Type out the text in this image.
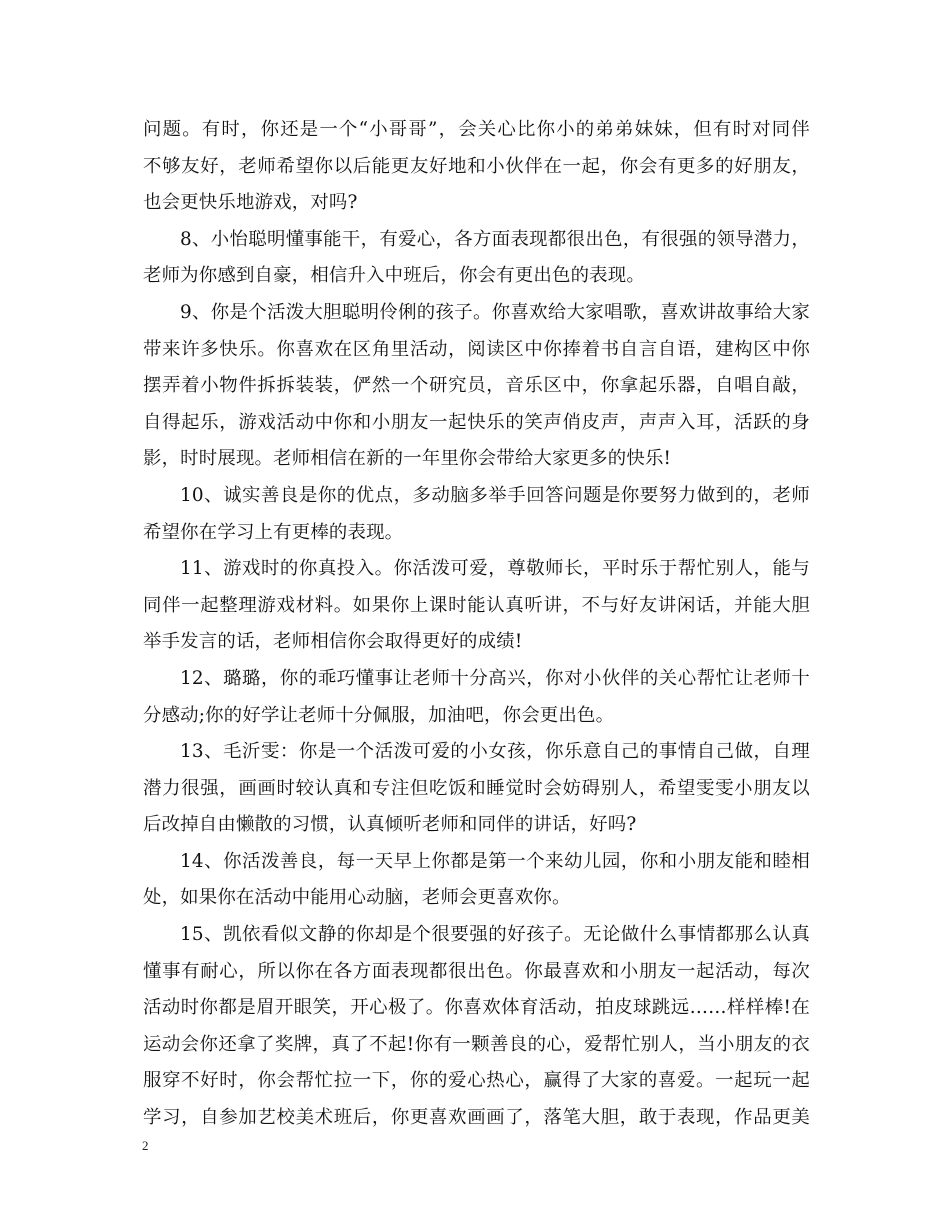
问题。有时，你还是一个“小哥哥”，会关心比你小的弟弟妹妹，但有时对同伴
不够友好，老师希望你以后能更友好地和小伙伴在一起，你会有更多的好朋友，
也会更快乐地游戏，对吗?
8、小怡聪明懂事能干，有爱心，各方面表现都很出色，有很强的领导潜力，
老师为你感到自豪，相信升入中班后，你会有更出色的表现。
9、你是个活泼大胆聪明伶俐的孩子。你喜欢给大家唱歌，喜欢讲故事给大家
带来许多快乐。你喜欢在区角里活动，阅读区中你捧着书自言自语，建构区中你
摆弄着小物件拆拆装装，俨然一个研究员，音乐区中，你拿起乐器，自唱自敲，
自得起乐，游戏活动中你和小朋友一起快乐的笑声俏皮声，声声入耳，活跃的身
影，时时展现。老师相信在新的一年里你会带给大家更多的快乐!
10、诚实善良是你的优点，多动脑多举手回答问题是你要努力做到的，老师
希望你在学习上有更棒的表现。
11、游戏时的你真投入。你活泼可爱，尊敬师长，平时乐于帮忙别人，能与
同伴一起整理游戏材料。如果你上课时能认真听讲，不与好友讲闲话，并能大胆
举手发言的话，老师相信你会取得更好的成绩!
12、璐璐，你的乖巧懂事让老师十分高兴，你对小伙伴的关心帮忙让老师十
分感动;你的好学让老师十分佩服，加油吧，你会更出色。
13、毛沂雯：你是一个活泼可爱的小女孩，你乐意自己的事情自己做，自理
潜力很强，画画时较认真和专注但吃饭和睡觉时会妨碍别人，希望雯雯小朋友以
后改掉自由懒散的习惯，认真倾听老师和同伴的讲话，好吗?
14、你活泼善良，每一天早上你都是第一个来幼儿园，你和小朋友能和睦相
处，如果你在活动中能用心动脑，老师会更喜欢你。
15、凯依看似文静的你却是个很要强的好孩子。无论做什么事情都那么认真
懂事有耐心，所以你在各方面表现都很出色。你最喜欢和小朋友一起活动，每次
活动时你都是眉开眼笑，开心极了。你喜欢体育活动，拍皮球跳远……样样棒!在
运动会你还拿了奖牌，真了不起!你有一颗善良的心，爱帮忙别人，当小朋友的衣
服穿不好时，你会帮忙拉一下，你的爱心热心，赢得了大家的喜爱。一起玩一起
学习，自参加艺校美术班后，你更喜欢画画了，落笔大胆，敢于表现，作品更美
2
